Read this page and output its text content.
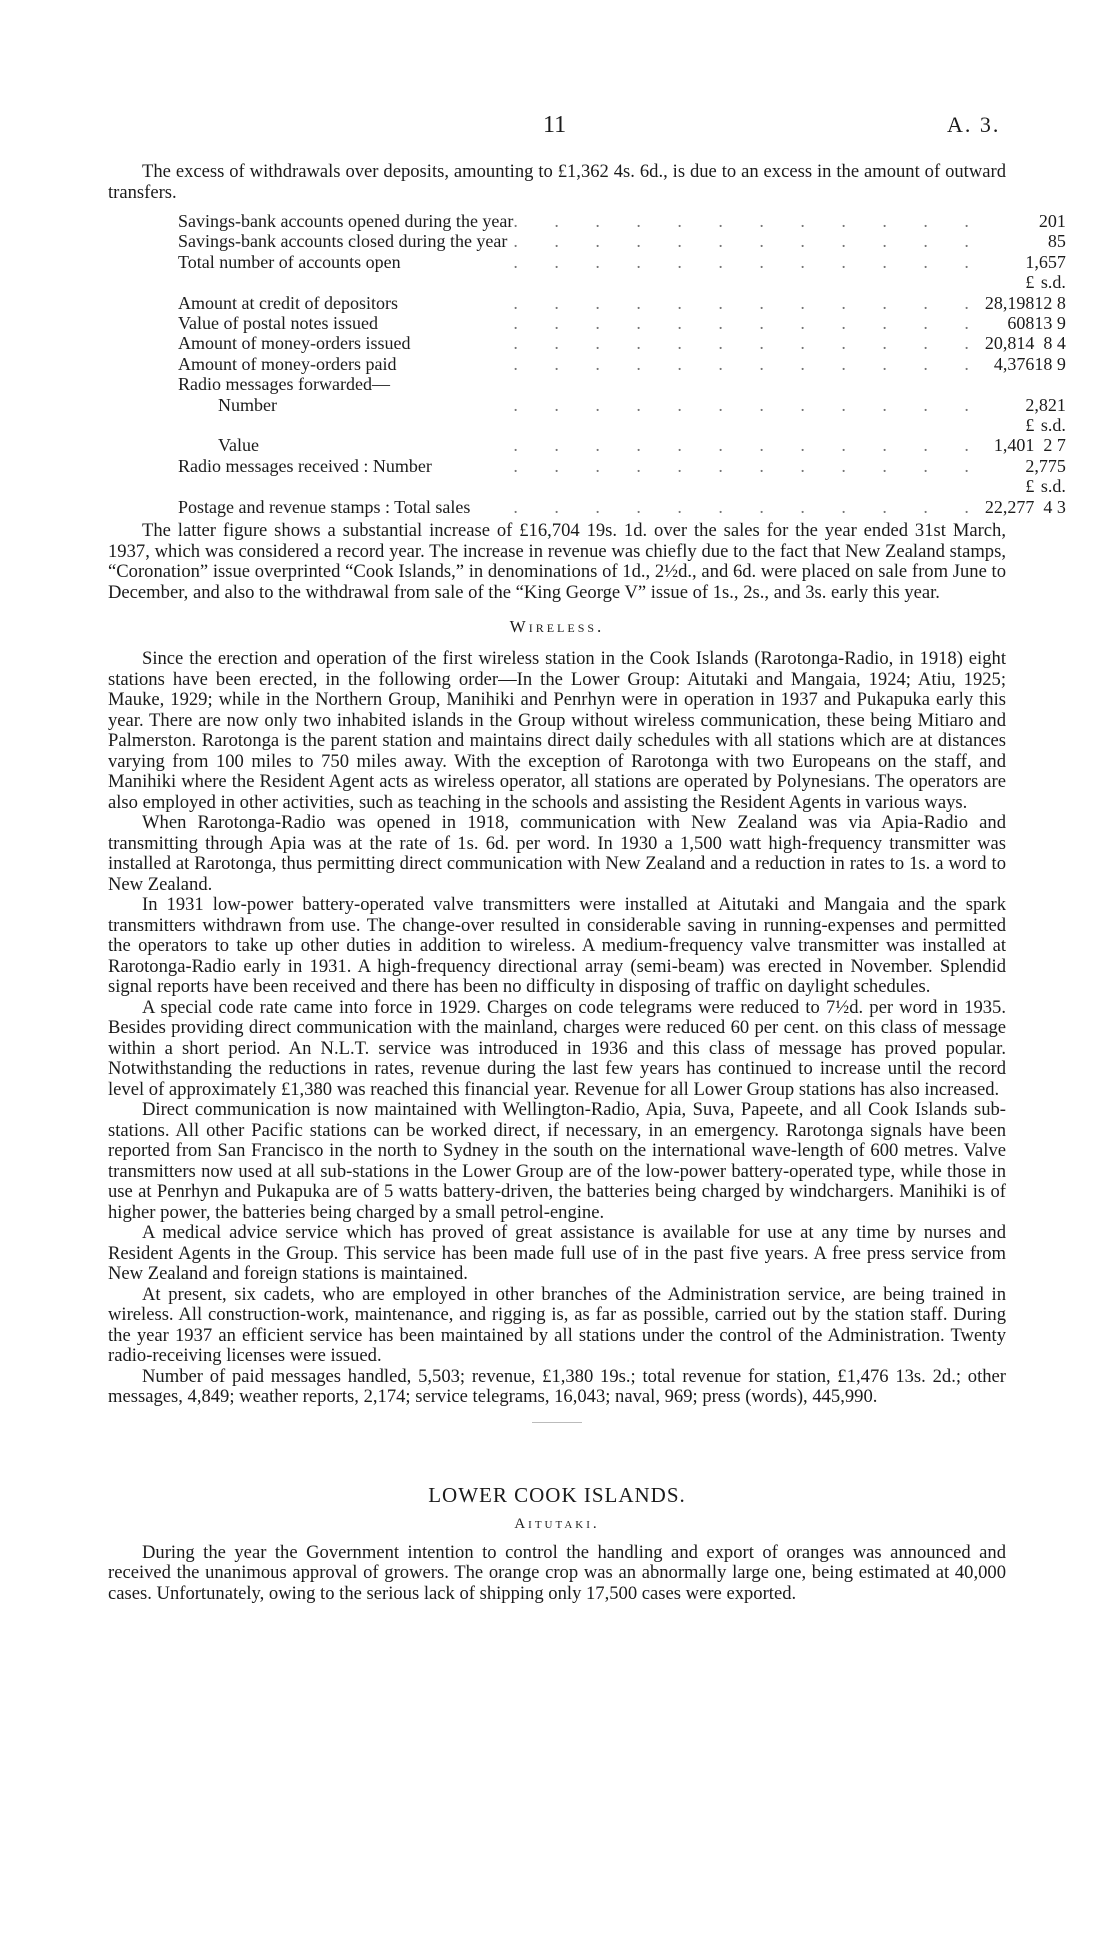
11	A. 3.

The excess of withdrawals over deposits, amounting to £1,362 4s. 6d., is due to an excess in the amount of outward transfers.

Savings-bank accounts opened during the year	. . . . . . . . . . . .	201		
Savings-bank accounts closed during the year	. . . . . . . . . . . .	85		
Total number of accounts open	. . . . . . . . . . . .	1,657		
		£	s.	d.
Amount at credit of depositors	. . . . . . . . . . . .	28,198	12	8
Value of postal notes issued	. . . . . . . . . . . .	608	13	9
Amount of money-orders issued	. . . . . . . . . . . .	20,814	8	4
Amount of money-orders paid	. . . . . . . . . . . .	4,376	18	9
Radio messages forwarded—				
Number	. . . . . . . . . . . .	2,821		
		£	s.	d.
Value	. . . . . . . . . . . .	1,401	2	7
Radio messages received : Number	. . . . . . . . . . . .	2,775		
		£	s.	d.
Postage and revenue stamps : Total sales	. . . . . . . . . . . .	22,277	4	3

The latter figure shows a substantial increase of £16,704 19s. 1d. over the sales for the year ended 31st March, 1937, which was considered a record year. The increase in revenue was chiefly due to the fact that New Zealand stamps, “Coronation” issue overprinted “Cook Islands,” in denominations of 1d., 2½d., and 6d. were placed on sale from June to December, and also to the withdrawal from sale of the “King George V” issue of 1s., 2s., and 3s. early this year.

Wireless.

Since the erection and operation of the first wireless station in the Cook Islands (Rarotonga-Radio, in 1918) eight stations have been erected, in the following order—In the Lower Group: Aitutaki and Mangaia, 1924; Atiu, 1925; Mauke, 1929; while in the Northern Group, Manihiki and Penrhyn were in operation in 1937 and Pukapuka early this year. There are now only two inhabited islands in the Group without wireless communication, these being Mitiaro and Palmerston. Rarotonga is the parent station and maintains direct daily schedules with all stations which are at distances varying from 100 miles to 750 miles away. With the exception of Rarotonga with two Europeans on the staff, and Manihiki where the Resident Agent acts as wireless operator, all stations are operated by Polynesians. The operators are also employed in other activities, such as teaching in the schools and assisting the Resident Agents in various ways.

When Rarotonga-Radio was opened in 1918, communication with New Zealand was via Apia-Radio and transmitting through Apia was at the rate of 1s. 6d. per word. In 1930 a 1,500 watt high-frequency transmitter was installed at Rarotonga, thus permitting direct communication with New Zealand and a reduction in rates to 1s. a word to New Zealand.

In 1931 low-power battery-operated valve transmitters were installed at Aitutaki and Mangaia and the spark transmitters withdrawn from use. The change-over resulted in considerable saving in running-expenses and permitted the operators to take up other duties in addition to wireless. A medium-frequency valve transmitter was installed at Rarotonga-Radio early in 1931. A high-frequency directional array (semi-beam) was erected in November. Splendid signal reports have been received and there has been no difficulty in disposing of traffic on daylight schedules.

A special code rate came into force in 1929. Charges on code telegrams were reduced to 7½d. per word in 1935. Besides providing direct communication with the mainland, charges were reduced 60 per cent. on this class of message within a short period. An N.L.T. service was introduced in 1936 and this class of message has proved popular. Notwithstanding the reductions in rates, revenue during the last few years has continued to increase until the record level of approximately £1,380 was reached this financial year. Revenue for all Lower Group stations has also increased.

Direct communication is now maintained with Wellington-Radio, Apia, Suva, Papeete, and all Cook Islands sub-stations. All other Pacific stations can be worked direct, if necessary, in an emergency. Rarotonga signals have been reported from San Francisco in the north to Sydney in the south on the international wave-length of 600 metres. Valve transmitters now used at all sub-stations in the Lower Group are of the low-power battery-operated type, while those in use at Penrhyn and Pukapuka are of 5 watts battery-driven, the batteries being charged by windchargers. Manihiki is of higher power, the batteries being charged by a small petrol-engine.

A medical advice service which has proved of great assistance is available for use at any time by nurses and Resident Agents in the Group. This service has been made full use of in the past five years. A free press service from New Zealand and foreign stations is maintained.

At present, six cadets, who are employed in other branches of the Administration service, are being trained in wireless. All construction-work, maintenance, and rigging is, as far as possible, carried out by the station staff. During the year 1937 an efficient service has been maintained by all stations under the control of the Administration. Twenty radio-receiving licenses were issued.

Number of paid messages handled, 5,503; revenue, £1,380 19s.; total revenue for station, £1,476 13s. 2d.; other messages, 4,849; weather reports, 2,174; service telegrams, 16,043; naval, 969; press (words), 445,990.

LOWER COOK ISLANDS.
Aitutaki.

During the year the Government intention to control the handling and export of oranges was announced and received the unanimous approval of growers. The orange crop was an abnormally large one, being estimated at 40,000 cases. Unfortunately, owing to the serious lack of shipping only 17,500 cases were exported.
